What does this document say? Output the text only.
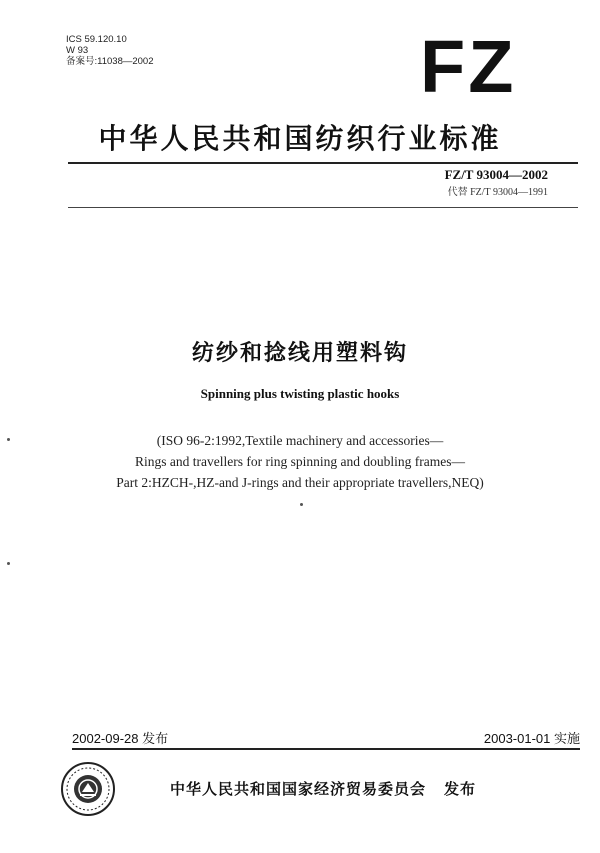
ICS 59.120.10
W 93
备案号:11038—2002	FZ
中华人民共和国纺织行业标准
FZ/T 93004—2002
代替 FZ/T 93004—1991
纺纱和捻线用塑料钩
Spinning plus twisting plastic hooks
(ISO 96-2:1992,Textile machinery and accessories—
Rings and travellers for ring spinning and doubling frames—
Part 2:HZCH-,HZ-and J-rings and their appropriate travellers,NEQ)
2002-09-28 发布	2003-01-01 实施
中华人民共和国国家经济贸易委员会 发布
